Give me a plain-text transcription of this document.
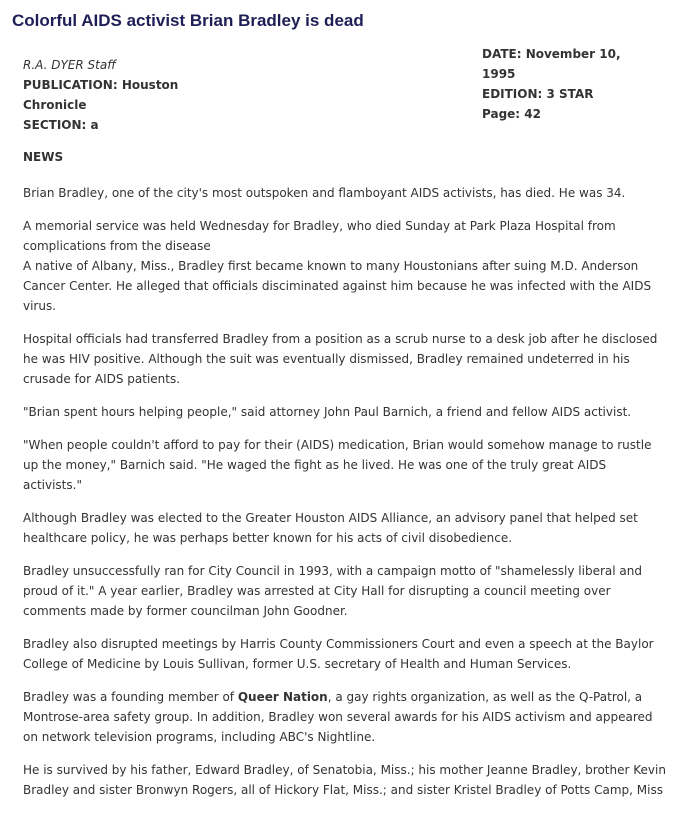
Colorful AIDS activist Brian Bradley is dead
R.A. DYER Staff
PUBLICATION: Houston Chronicle
SECTION: a
DATE: November 10, 1995
EDITION: 3 STAR
Page: 42
NEWS

Brian Bradley, one of the city's most outspoken and flamboyant AIDS activists, has died. He was 34.

A memorial service was held Wednesday for Bradley, who died Sunday at Park Plaza Hospital from complications from the disease

A native of Albany, Miss., Bradley first became known to many Houstonians after suing M.D. Anderson Cancer Center. He alleged that officials disciminated against him because he was infected with the AIDS virus.

Hospital officials had transferred Bradley from a position as a scrub nurse to a desk job after he disclosed he was HIV positive. Although the suit was eventually dismissed, Bradley remained undeterred in his crusade for AIDS patients.

"Brian spent hours helping people," said attorney John Paul Barnich, a friend and fellow AIDS activist.

"When people couldn't afford to pay for their (AIDS) medication, Brian would somehow manage to rustle up the money," Barnich said. "He waged the fight as he lived. He was one of the truly great AIDS activists."

Although Bradley was elected to the Greater Houston AIDS Alliance, an advisory panel that helped set healthcare policy, he was perhaps better known for his acts of civil disobedience.

Bradley unsuccessfully ran for City Council in 1993, with a campaign motto of "shamelessly liberal and proud of it." A year earlier, Bradley was arrested at City Hall for disrupting a council meeting over comments made by former councilman John Goodner.

Bradley also disrupted meetings by Harris County Commissioners Court and even a speech at the Baylor College of Medicine by Louis Sullivan, former U.S. secretary of Health and Human Services.

Bradley was a founding member of Queer Nation, a gay rights organization, as well as the Q-Patrol, a Montrose-area safety group. In addition, Bradley won several awards for his AIDS activism and appeared on network television programs, including ABC's Nightline.

He is survived by his father, Edward Bradley, of Senatobia, Miss.; his mother Jeanne Bradley, brother Kevin Bradley and sister Bronwyn Rogers, all of Hickory Flat, Miss.; and sister Kristel Bradley of Potts Camp, Miss
